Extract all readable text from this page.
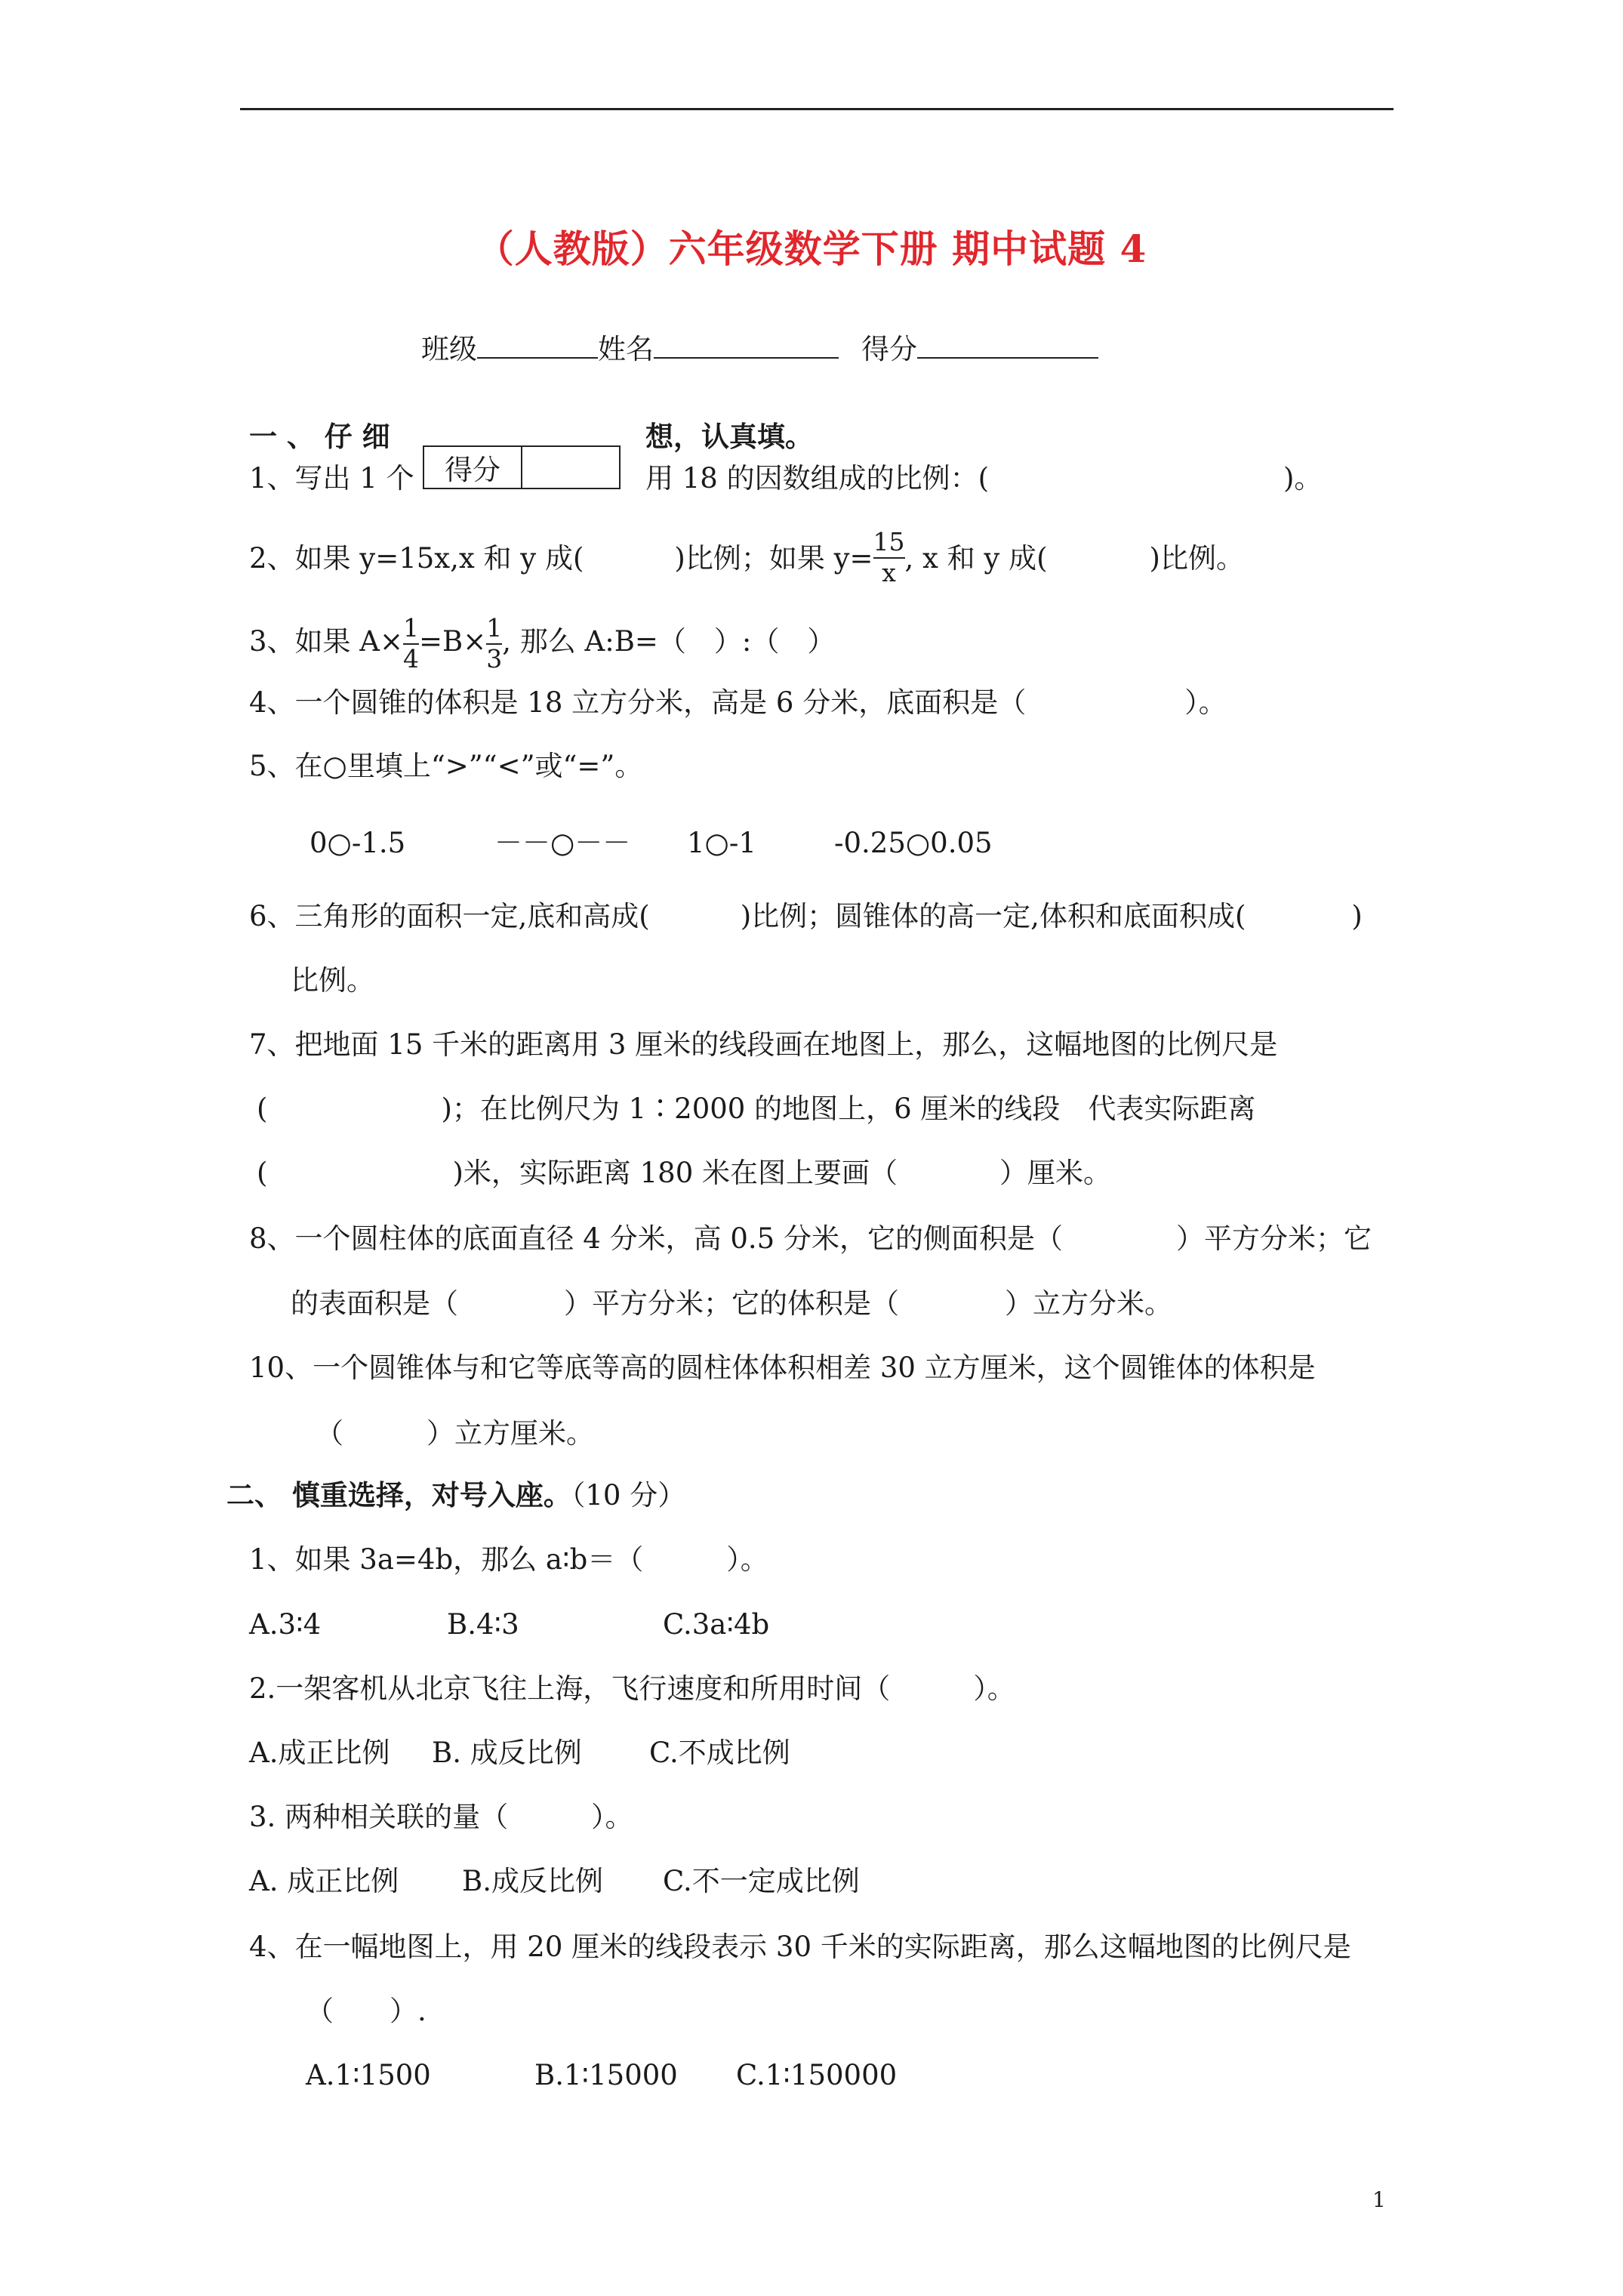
（人教版）六年级数学下册 期中试题 4
班级	姓名	得分
一 、 仔 细	想，认真填。
得分
1、写出 1 个	用 18 的因数组成的比例：(	)。
2、如果 y=15x,x 和 y 成(	)比例；如果 $y= \frac{15}{x}$ , x 和 y 成(	)比例。
3、如果 $A\times \frac{1}{4} =B\times \frac{1}{3}$ , 那么 A:B=（　）:（　）
4、一个圆锥的体积是 18 立方分米，高是 6 分米，底面积是（	）。
5、在○里填上“>”“<”或“=”。
0○-1.5	－－○－－ 1○-1	-0.25○0.05
6、三角形的面积一定,底和高成(	)比例；圆锥体的高一定,体积和底面积成(	)
比例。
7、把地面 15 千米的距离用 3 厘米的线段画在地图上，那么，这幅地图的比例尺是
(	)；在比例尺为 1∶2000 的地图上，6 厘米的线段　代表实际距离
(	)米，实际距离 180 米在图上要画（	）厘米。
8、一个圆柱体的底面直径 4 分米，高 0.5 分米，它的侧面积是（	）平方分米；它
的表面积是（	）平方分米；它的体积是（	）立方分米。
10、一个圆锥体与和它等底等高的圆柱体体积相差 30 立方厘米，这个圆锥体的体积是
（	）立方厘米。
二、 慎重选择，对号入座。（10 分）
1、如果 3a=4b，那么 a∶b＝（	）。
A.3∶4	B.4∶3	C.3a∶4b
2.一架客机从北京飞往上海，飞行速度和所用时间（	）。
A.成正比例 B. 成反比例 C.不成比例
3. 两种相关联的量（	）。
A. 成正比例 B.成反比例 C.不一定成比例
4、在一幅地图上，用 20 厘米的线段表示 30 千米的实际距离，那么这幅地图的比例尺是
（　　）.
A.1∶1500	B.1∶15000 C.1∶150000
1
